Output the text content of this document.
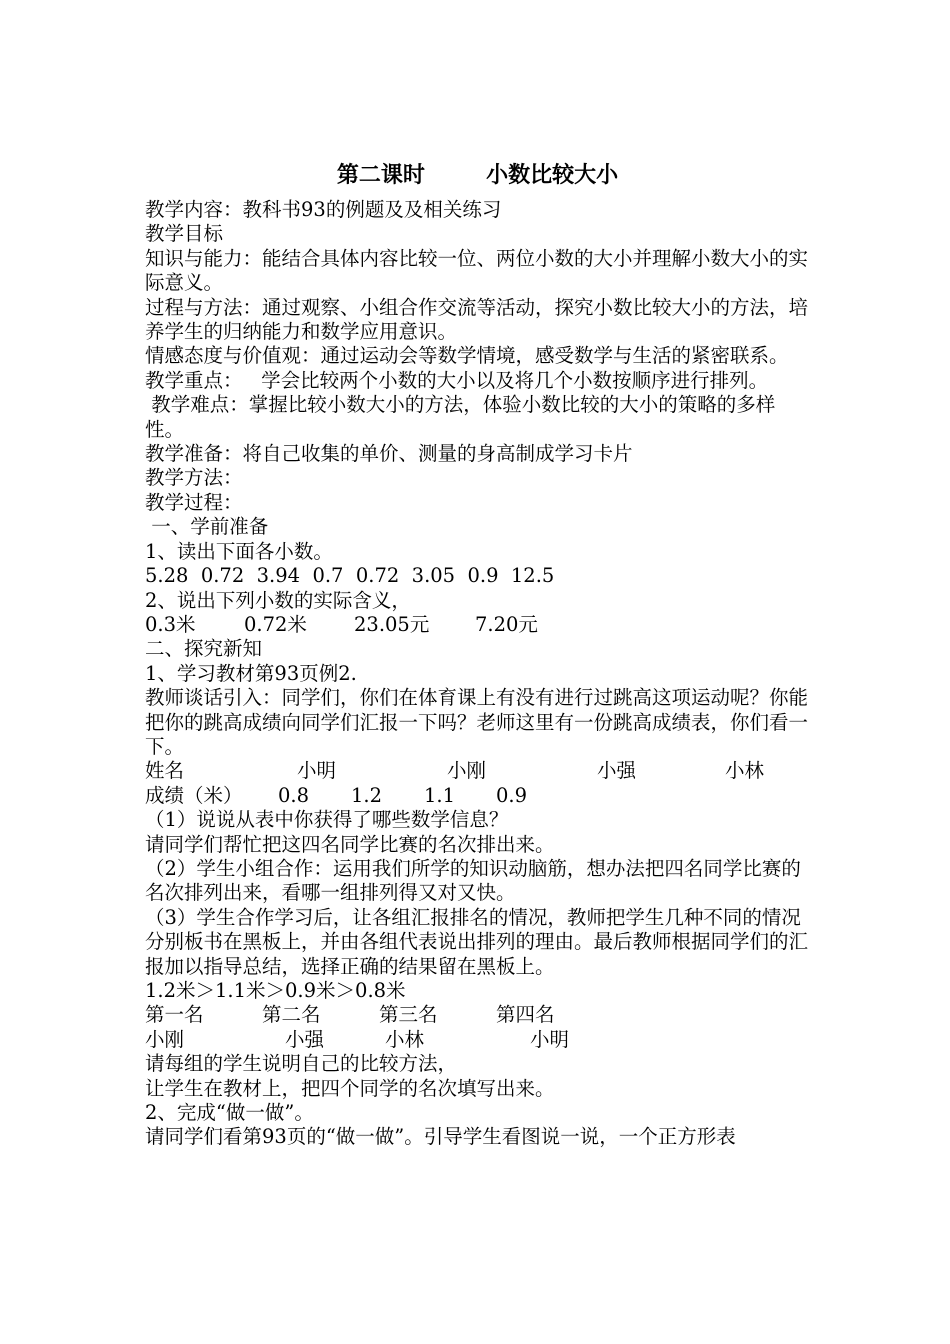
第二课时        小数比较大小

教学内容：教科书93的例题及及相关练习

教学目标

知识与能力：能结合具体内容比较一位、两位小数的大小并理解小数大小的实际意义。

过程与方法：通过观察、小组合作交流等活动，探究小数比较大小的方法，培养学生的归纳能力和数学应用意识。

情感态度与价值观：通过运动会等数学情境，感受数学与生活的紧密联系。

教学重点：   学会比较两个小数的大小以及将几个小数按顺序进行排列。

教学难点：掌握比较小数大小的方法，体验小数比较的大小的策略的多样性。

教学准备：将自己收集的单价、测量的身高制成学习卡片

教学方法：

教学过程：

一、学前准备

1、读出下面各小数。

5.28  0.72  3.94  0.7  0.72  3.05  0.9  12.5

2、说出下列小数的实际含义，

0.3米	0.72米	23.05元	7.20元

二、探究新知

1、学习教材第93页例2.

教师谈话引入：同学们，你们在体育课上有没有进行过跳高这项运动呢？你能把你的跳高成绩向同学们汇报一下吗？老师这里有一份跳高成绩表，你们看一下。

姓名	小明	小刚	小强	小林
成绩（米）	0.8	1.2	1.1	0.9

（1）说说从表中你获得了哪些数学信息？

请同学们帮忙把这四名同学比赛的名次排出来。

（2）学生小组合作：运用我们所学的知识动脑筋，想办法把四名同学比赛的名次排列出来，看哪一组排列得又对又快。

（3）学生合作学习后，让各组汇报排名的情况，教师把学生几种不同的情况分别板书在黑板上，并由各组代表说出排列的理由。最后教师根据同学们的汇报加以指导总结，选择正确的结果留在黑板上。

1.2米＞1.1米＞0.9米＞0.8米

第一名	第二名	第三名	第四名
小刚	小强	小林	小明

请每组的学生说明自己的比较方法，

让学生在教材上，把四个同学的名次填写出来。

2、完成“做一做”。

请同学们看第93页的“做一做”。引导学生看图说一说，一个正方形表
